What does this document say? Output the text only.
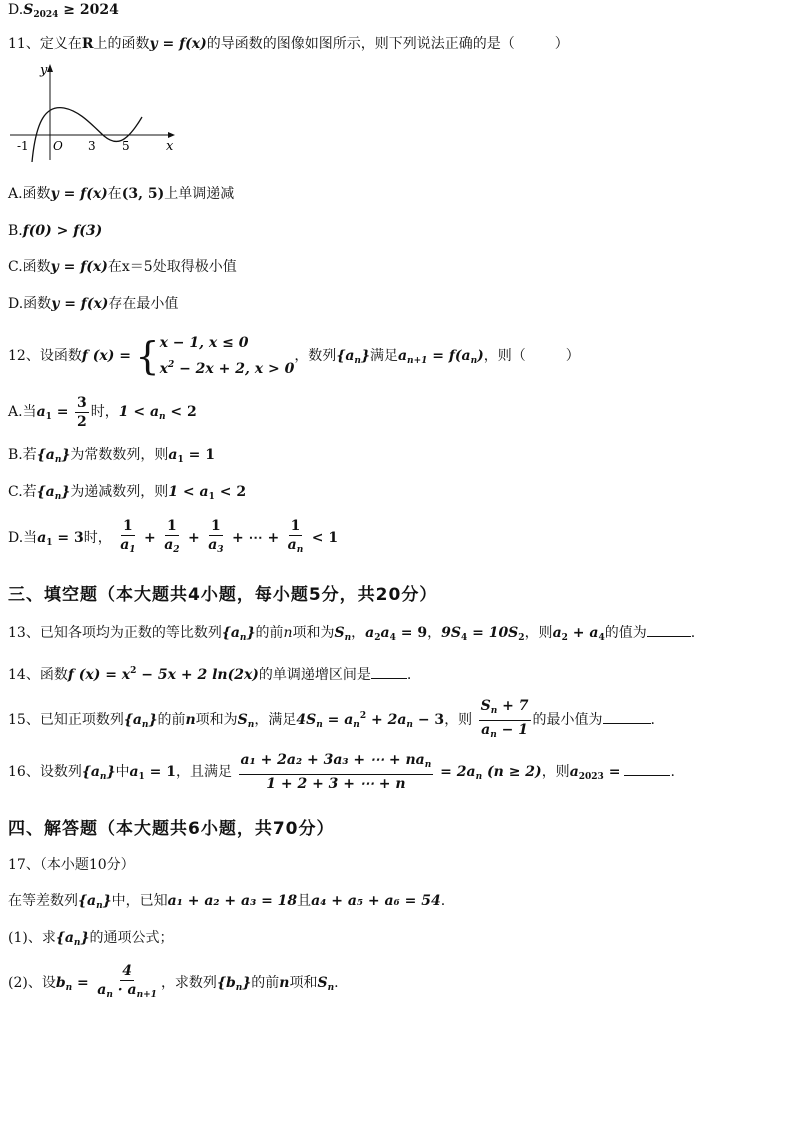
$D.S_{2024} \ge 2024$
11、定义在R上的函数y = f(x)的导函数的图像如图所示，则下列说法正确的是（	）
y
x
O
-1	3 5
A.函数y = f(x)在(3, 5)上单调递减
B.f(0) > f(3)
C.函数y = f(x)在x＝5处取得极小值
D.函数y = f(x)存在最小值
12、设函数f (x) = { x − 1, x ≤ 0
$x^2 - 2x + 2$, x > 0
，数列$\{a_n\}$满足$a_{n+1} = f(a_n)$，则（	）
A.当$a_1 = \frac{3}{2}$ 时，$1 < a_n < 2$
B.若$\{a_n\}$为常数数列，则$a_1 = 1$
C.若$\{a_n\}$为递减数列，则$1 < a_1 < 2$
D.当$a_1 = 3$时， $\frac{1}{a_1} + \frac{1}{a_2} + \frac{1}{a_3}$ + ⋯ + $\frac{1}{a_n} < 1$
三、填空题（本大题共4小题，每小题5分，共20分）
13、已知各项均为正数的等比数列$\{a_n\}$的前n项和为$S_n$，$a_2a_4 = 9$，$9S_4 = 10S_2$，则$a_2 + a_4$的值为	.
14、函数f $(x) = x^2 - 5x + 2$ ln(2x)的单调递增区间是	.
15、已知正项数列$\{a_n\}$的前n项和为$S_n$，满足$4S_n = a_n^2 + 2a_n - 3$，则 $\frac{S_n + 7}{a_n - 1}$ 的最小值为	.
16、设数列$\{a_n\}$中$a_1 = 1$，且满足 $\frac{a_1 + 2a_2 + 3a_3 + \cdots + na_n}{1 + 2 + 3 + \cdots + n} = 2a_n$ (n ≥ 2)，则$a_{2023}$ =	.
四、解答题（本大题共6小题，共70分）
17、（本小题10分）
在等差数列$\{a_n\}$中，已知a₁ + a₂ + a₃ = 18且a₄ + a₅ + a₆ = 54.
(1)、求$\{a_n\}$的通项公式；
(2)、设$b_n = \frac{4}{a_n \cdot a_{n+1}}$ ，求数列$\{b_n\}$的前n项和$S_n$.
